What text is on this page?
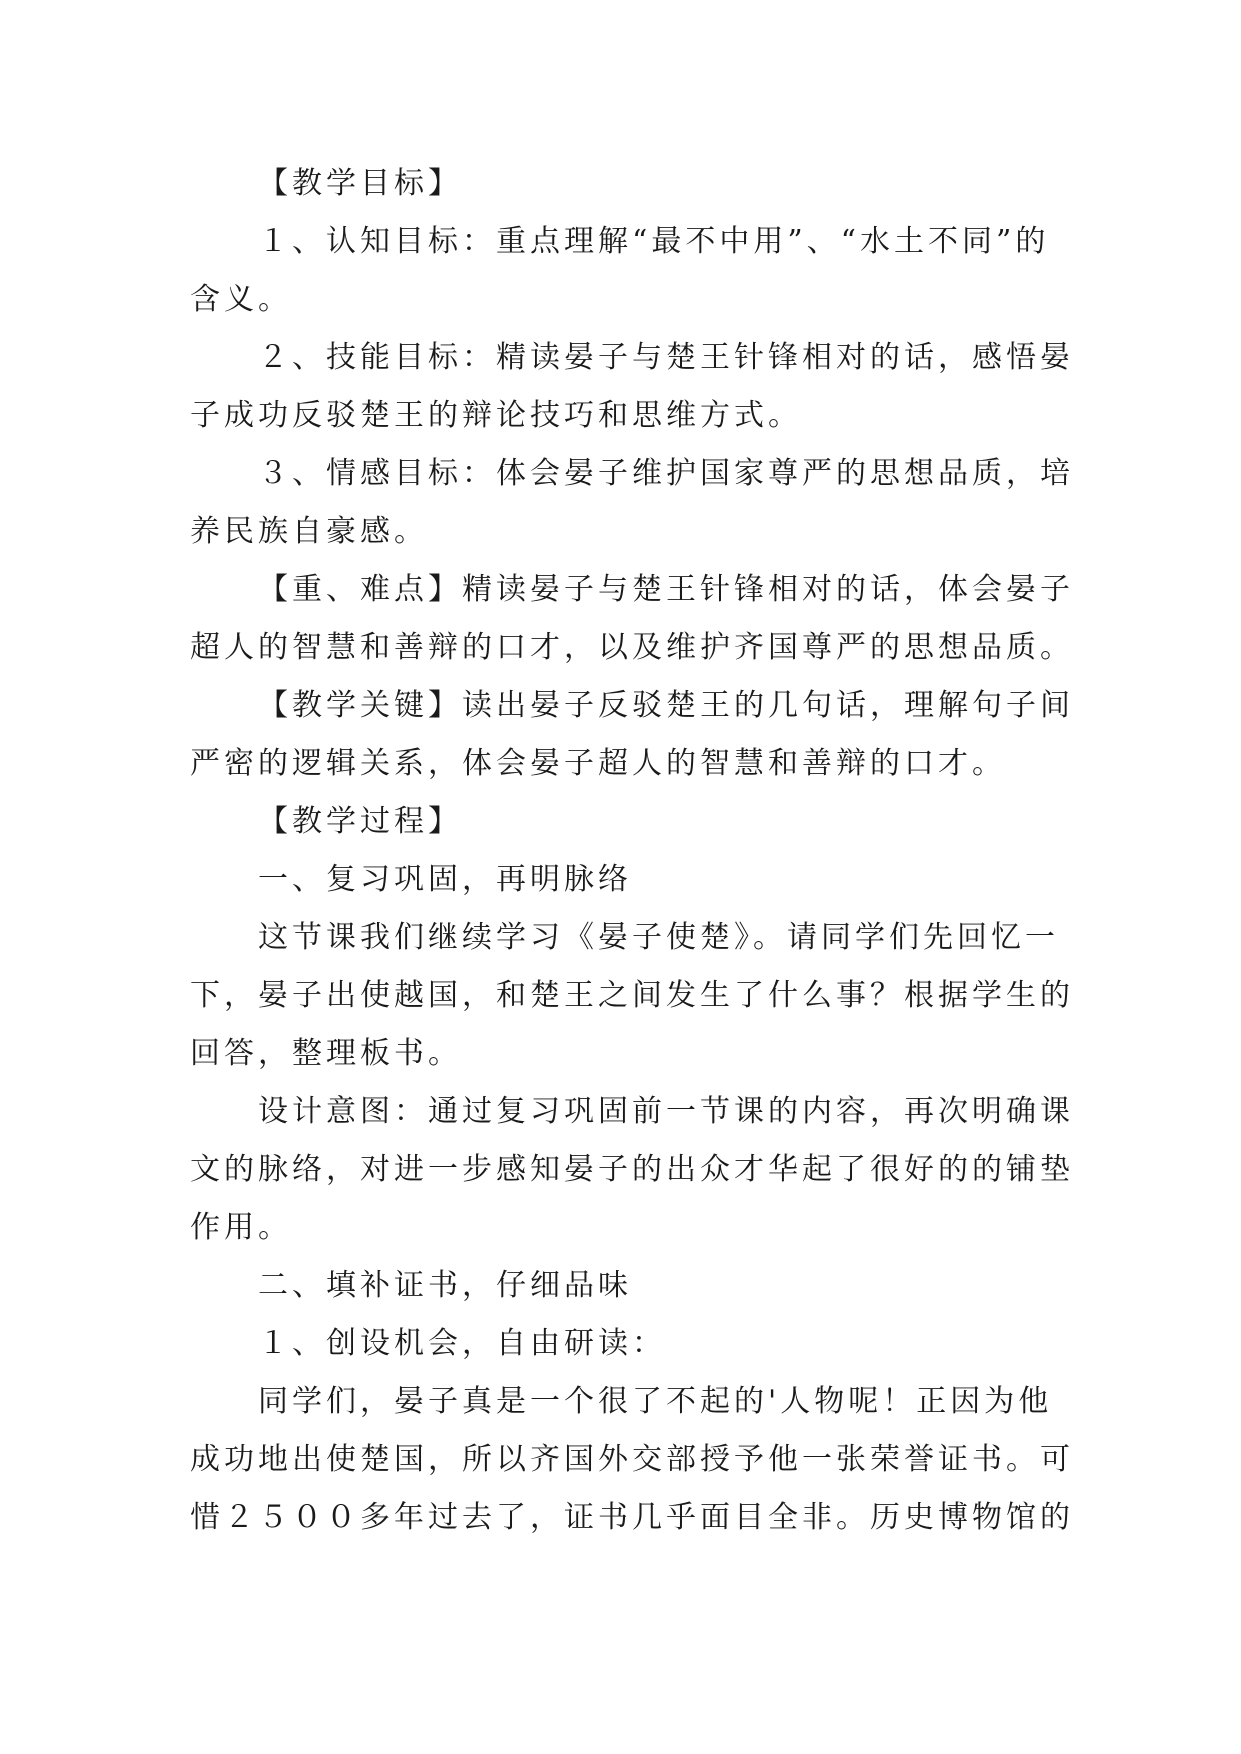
【教学目标】
１、认知目标：重点理解“最不中用”、“水土不同”的
含义。
２、技能目标：精读晏子与楚王针锋相对的话，感悟晏
子成功反驳楚王的辩论技巧和思维方式。
３、情感目标：体会晏子维护国家尊严的思想品质，培
养民族自豪感。
【重、难点】精读晏子与楚王针锋相对的话，体会晏子
超人的智慧和善辩的口才，以及维护齐国尊严的思想品质。
【教学关键】读出晏子反驳楚王的几句话，理解句子间
严密的逻辑关系，体会晏子超人的智慧和善辩的口才。
【教学过程】
一、复习巩固，再明脉络
这节课我们继续学习《晏子使楚》。请同学们先回忆一
下，晏子出使越国，和楚王之间发生了什么事？根据学生的
回答，整理板书。
设计意图：通过复习巩固前一节课的内容，再次明确课
文的脉络，对进一步感知晏子的出众才华起了很好的的铺垫
作用。
二、填补证书，仔细品味
１、创设机会，自由研读：
同学们，晏子真是一个很了不起的'人物呢！正因为他
成功地出使楚国，所以齐国外交部授予他一张荣誉证书。可
惜２５００多年过去了，证书几乎面目全非。历史博物馆的
